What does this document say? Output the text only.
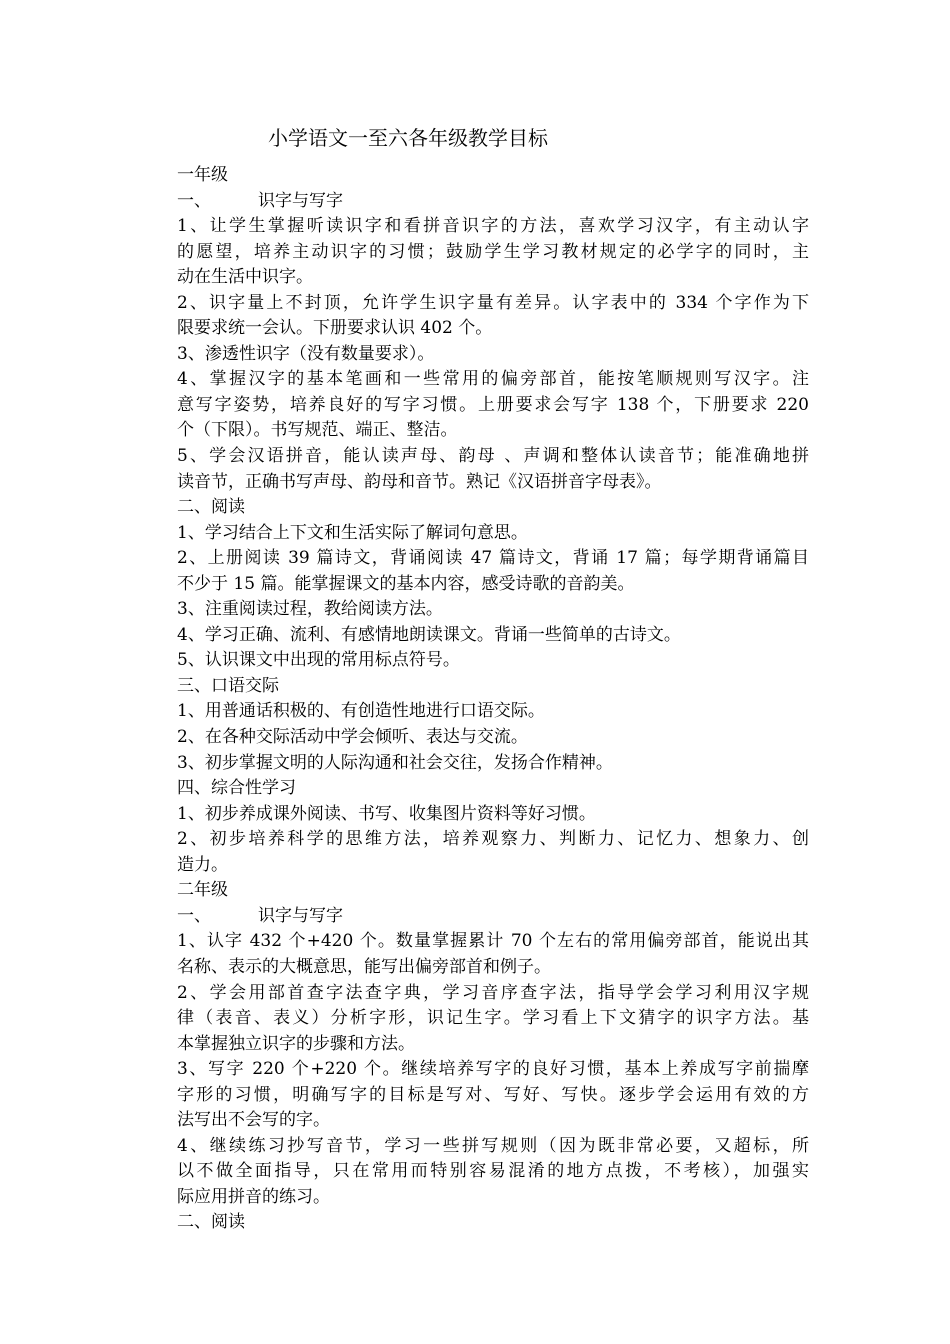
小学语文一至六各年级教学目标
一年级
一、	识字与写字
1、让学生掌握听读识字和看拼音识字的方法，喜欢学习汉字，有主动认字
的愿望，培养主动识字的习惯；鼓励学生学习教材规定的必学字的同时，主
动在生活中识字。
2、识字量上不封顶，允许学生识字量有差异。认字表中的 334 个字作为下
限要求统一会认。下册要求认识 402 个。
3、渗透性识字（没有数量要求）。
4、掌握汉字的基本笔画和一些常用的偏旁部首，能按笔顺规则写汉字。注
意写字姿势，培养良好的写字习惯。上册要求会写字 138 个，下册要求 220
个（下限）。书写规范、端正、整洁。
5、学会汉语拼音，能认读声母、韵母 、声调和整体认读音节；能准确地拼
读音节，正确书写声母、韵母和音节。熟记《汉语拼音字母表》。
二、阅读
1、学习结合上下文和生活实际了解词句意思。
2、上册阅读 39 篇诗文，背诵阅读 47 篇诗文，背诵 17 篇；每学期背诵篇目
不少于 15 篇。能掌握课文的基本内容，感受诗歌的音韵美。
3、注重阅读过程，教给阅读方法。
4、学习正确、流利、有感情地朗读课文。背诵一些简单的古诗文。
5、认识课文中出现的常用标点符号。
三、口语交际
1、用普通话积极的、有创造性地进行口语交际。
2、在各种交际活动中学会倾听、表达与交流。
3、初步掌握文明的人际沟通和社会交往，发扬合作精神。
四、综合性学习
1、初步养成课外阅读、书写、收集图片资料等好习惯。
2、初步培养科学的思维方法，培养观察力、判断力、记忆力、想象力、创
造力。
二年级
一、	识字与写字
1、认字 432 个+420 个。数量掌握累计 70 个左右的常用偏旁部首，能说出其
名称、表示的大概意思，能写出偏旁部首和例子。
2、学会用部首查字法查字典，学习音序查字法，指导学会学习利用汉字规
律（表音、表义）分析字形，识记生字。学习看上下文猜字的识字方法。基
本掌握独立识字的步骤和方法。
3、写字 220 个+220 个。继续培养写字的良好习惯，基本上养成写字前揣摩
字形的习惯，明确写字的目标是写对、写好、写快。逐步学会运用有效的方
法写出不会写的字。
4、继续练习抄写音节，学习一些拼写规则（因为既非常必要，又超标，所
以不做全面指导，只在常用而特别容易混淆的地方点拨，不考核），加强实
际应用拼音的练习。
二、阅读
